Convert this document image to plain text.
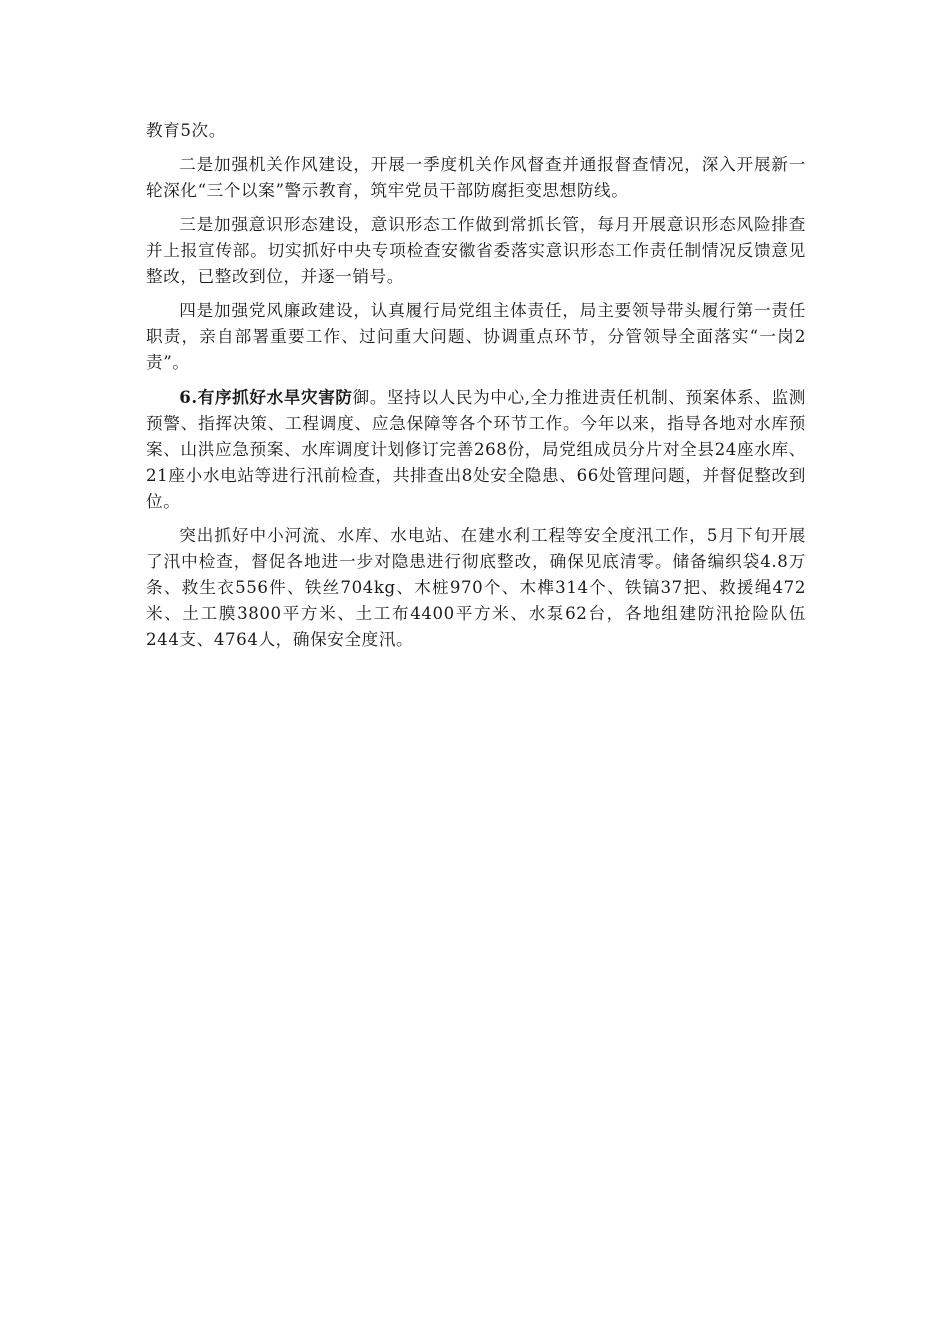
教育5次。

二是加强机关作风建设，开展一季度机关作风督查并通报督查情况，深入开展新一轮深化“三个以案”警示教育，筑牢党员干部防腐拒变思想防线。

三是加强意识形态建设，意识形态工作做到常抓长管，每月开展意识形态风险排查并上报宣传部。切实抓好中央专项检查安徽省委落实意识形态工作责任制情况反馈意见整改，已整改到位，并逐一销号。

四是加强党风廉政建设，认真履行局党组主体责任，局主要领导带头履行第一责任职责，亲自部署重要工作、过问重大问题、协调重点环节，分管领导全面落实“一岗2责”。

6.有序抓好水旱灾害防御。坚持以人民为中心,全力推进责任机制、预案体系、监测预警、指挥决策、工程调度、应急保障等各个环节工作。今年以来，指导各地对水库预案、山洪应急预案、水库调度计划修订完善268份，局党组成员分片对全县24座水库、21座小水电站等进行汛前检查，共排查出8处安全隐患、66处管理问题，并督促整改到位。

突出抓好中小河流、水库、水电站、在建水利工程等安全度汛工作，5月下旬开展了汛中检查，督促各地进一步对隐患进行彻底整改，确保见底清零。储备编织袋4.8万条、救生衣556件、铁丝704kg、木桩970个、木榫314个、铁镐37把、救援绳472米、土工膜3800平方米、土工布4400平方米、水泵62台，各地组建防汛抢险队伍244支、4764人，确保安全度汛。
